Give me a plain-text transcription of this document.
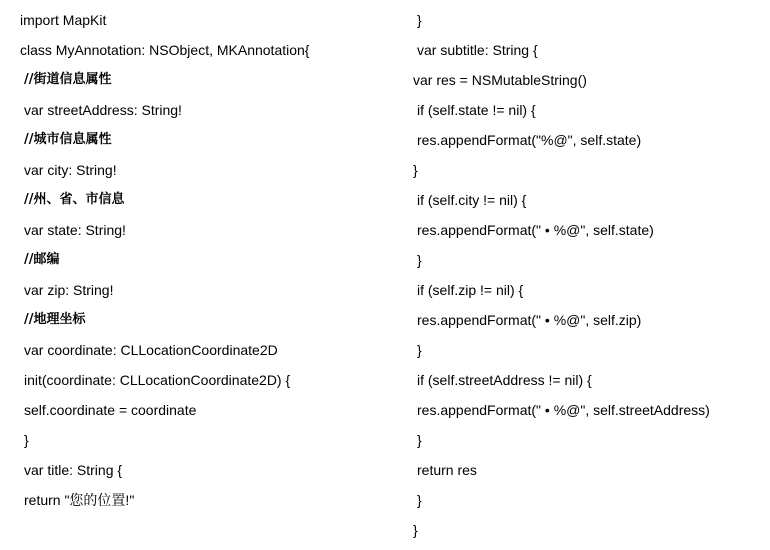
import MapKit
class MyAnnotation: NSObject, MKAnnotation{
//街道信息属性
var streetAddress: String!
//城市信息属性
var city: String!
//州、省、市信息
var state: String!
//邮编
var zip: String!
//地理坐标
var coordinate: CLLocationCoordinate2D
init(coordinate: CLLocationCoordinate2D) {
self.coordinate = coordinate
}
var title: String {
return "您的位置!"
}
var subtitle: String {
var res = NSMutableString()
if (self.state != nil) {
res.appendFormat("%@", self.state)
}
if (self.city != nil) {
res.appendFormat(" • %@", self.state)
}
if (self.zip != nil) {
res.appendFormat(" • %@", self.zip)
}
if (self.streetAddress != nil) {
res.appendFormat(" • %@", self.streetAddress)
}
return res
}
}
